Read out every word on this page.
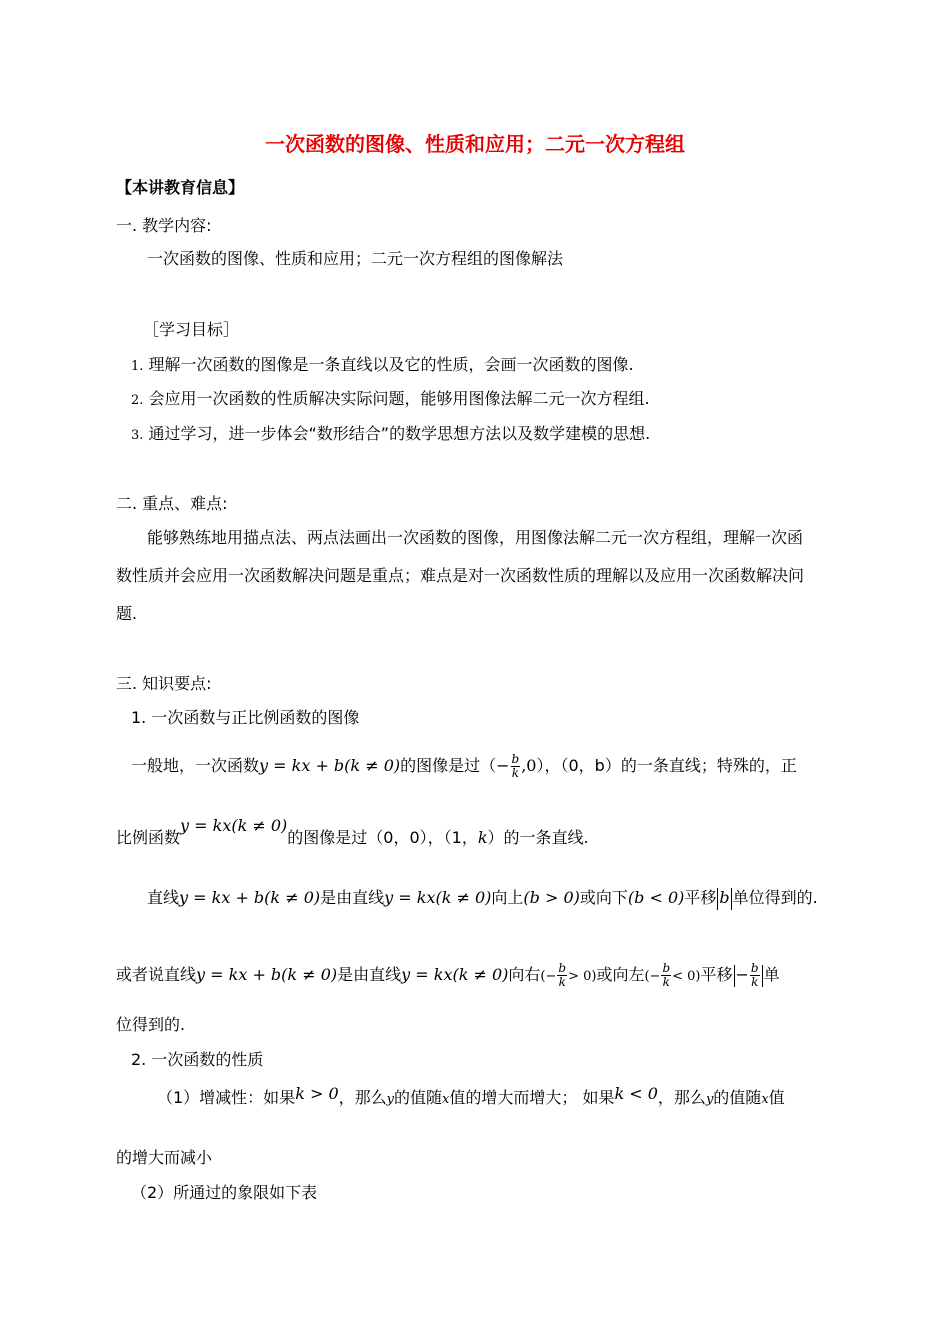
一次函数的图像、性质和应用；二元一次方程组
【本讲教育信息】
一. 教学内容:
一次函数的图像、性质和应用；二元一次方程组的图像解法
［学习目标］
1. 理解一次函数的图像是一条直线以及它的性质，会画一次函数的图像.
2. 会应用一次函数的性质解决实际问题，能够用图像法解二元一次方程组.
3. 通过学习，进一步体会“数形结合”的数学思想方法以及数学建模的思想.
二. 重点、难点:
能够熟练地用描点法、两点法画出一次函数的图像，用图像法解二元一次方程组，理解一次函
数性质并会应用一次函数解决问题是重点；难点是对一次函数性质的理解以及应用一次函数解决问
题.
三. 知识要点:
1. 一次函数与正比例函数的图像
一般地，一次函数y = kx + b(k ≠ 0)的图像是过（− $\frac{b}{k} ,0$），（0，b）的一条直线；特殊的，正
比例函数y = kx(k ≠ 0)的图像是过（0，0），（1，k）的一条直线.
直线y = kx + b(k ≠ 0)是由直线y = kx(k ≠ 0)向上(b > 0)或向下(b < 0)平移 b 单位得到的.
或者说直线y = kx + b(k ≠ 0)是由直线y = kx(k ≠ 0)向右(− $\frac{b}{k} > 0$)或向左(− $\frac{b}{k} < 0$)平移 − $\frac{b}{k}$ 单
位得到的.
2. 一次函数的性质
（1）增减性：如果k > 0，那么y的值随x值的增大而增大； 如果k < 0，那么y的值随x值
的增大而减小
（2）所通过的象限如下表
